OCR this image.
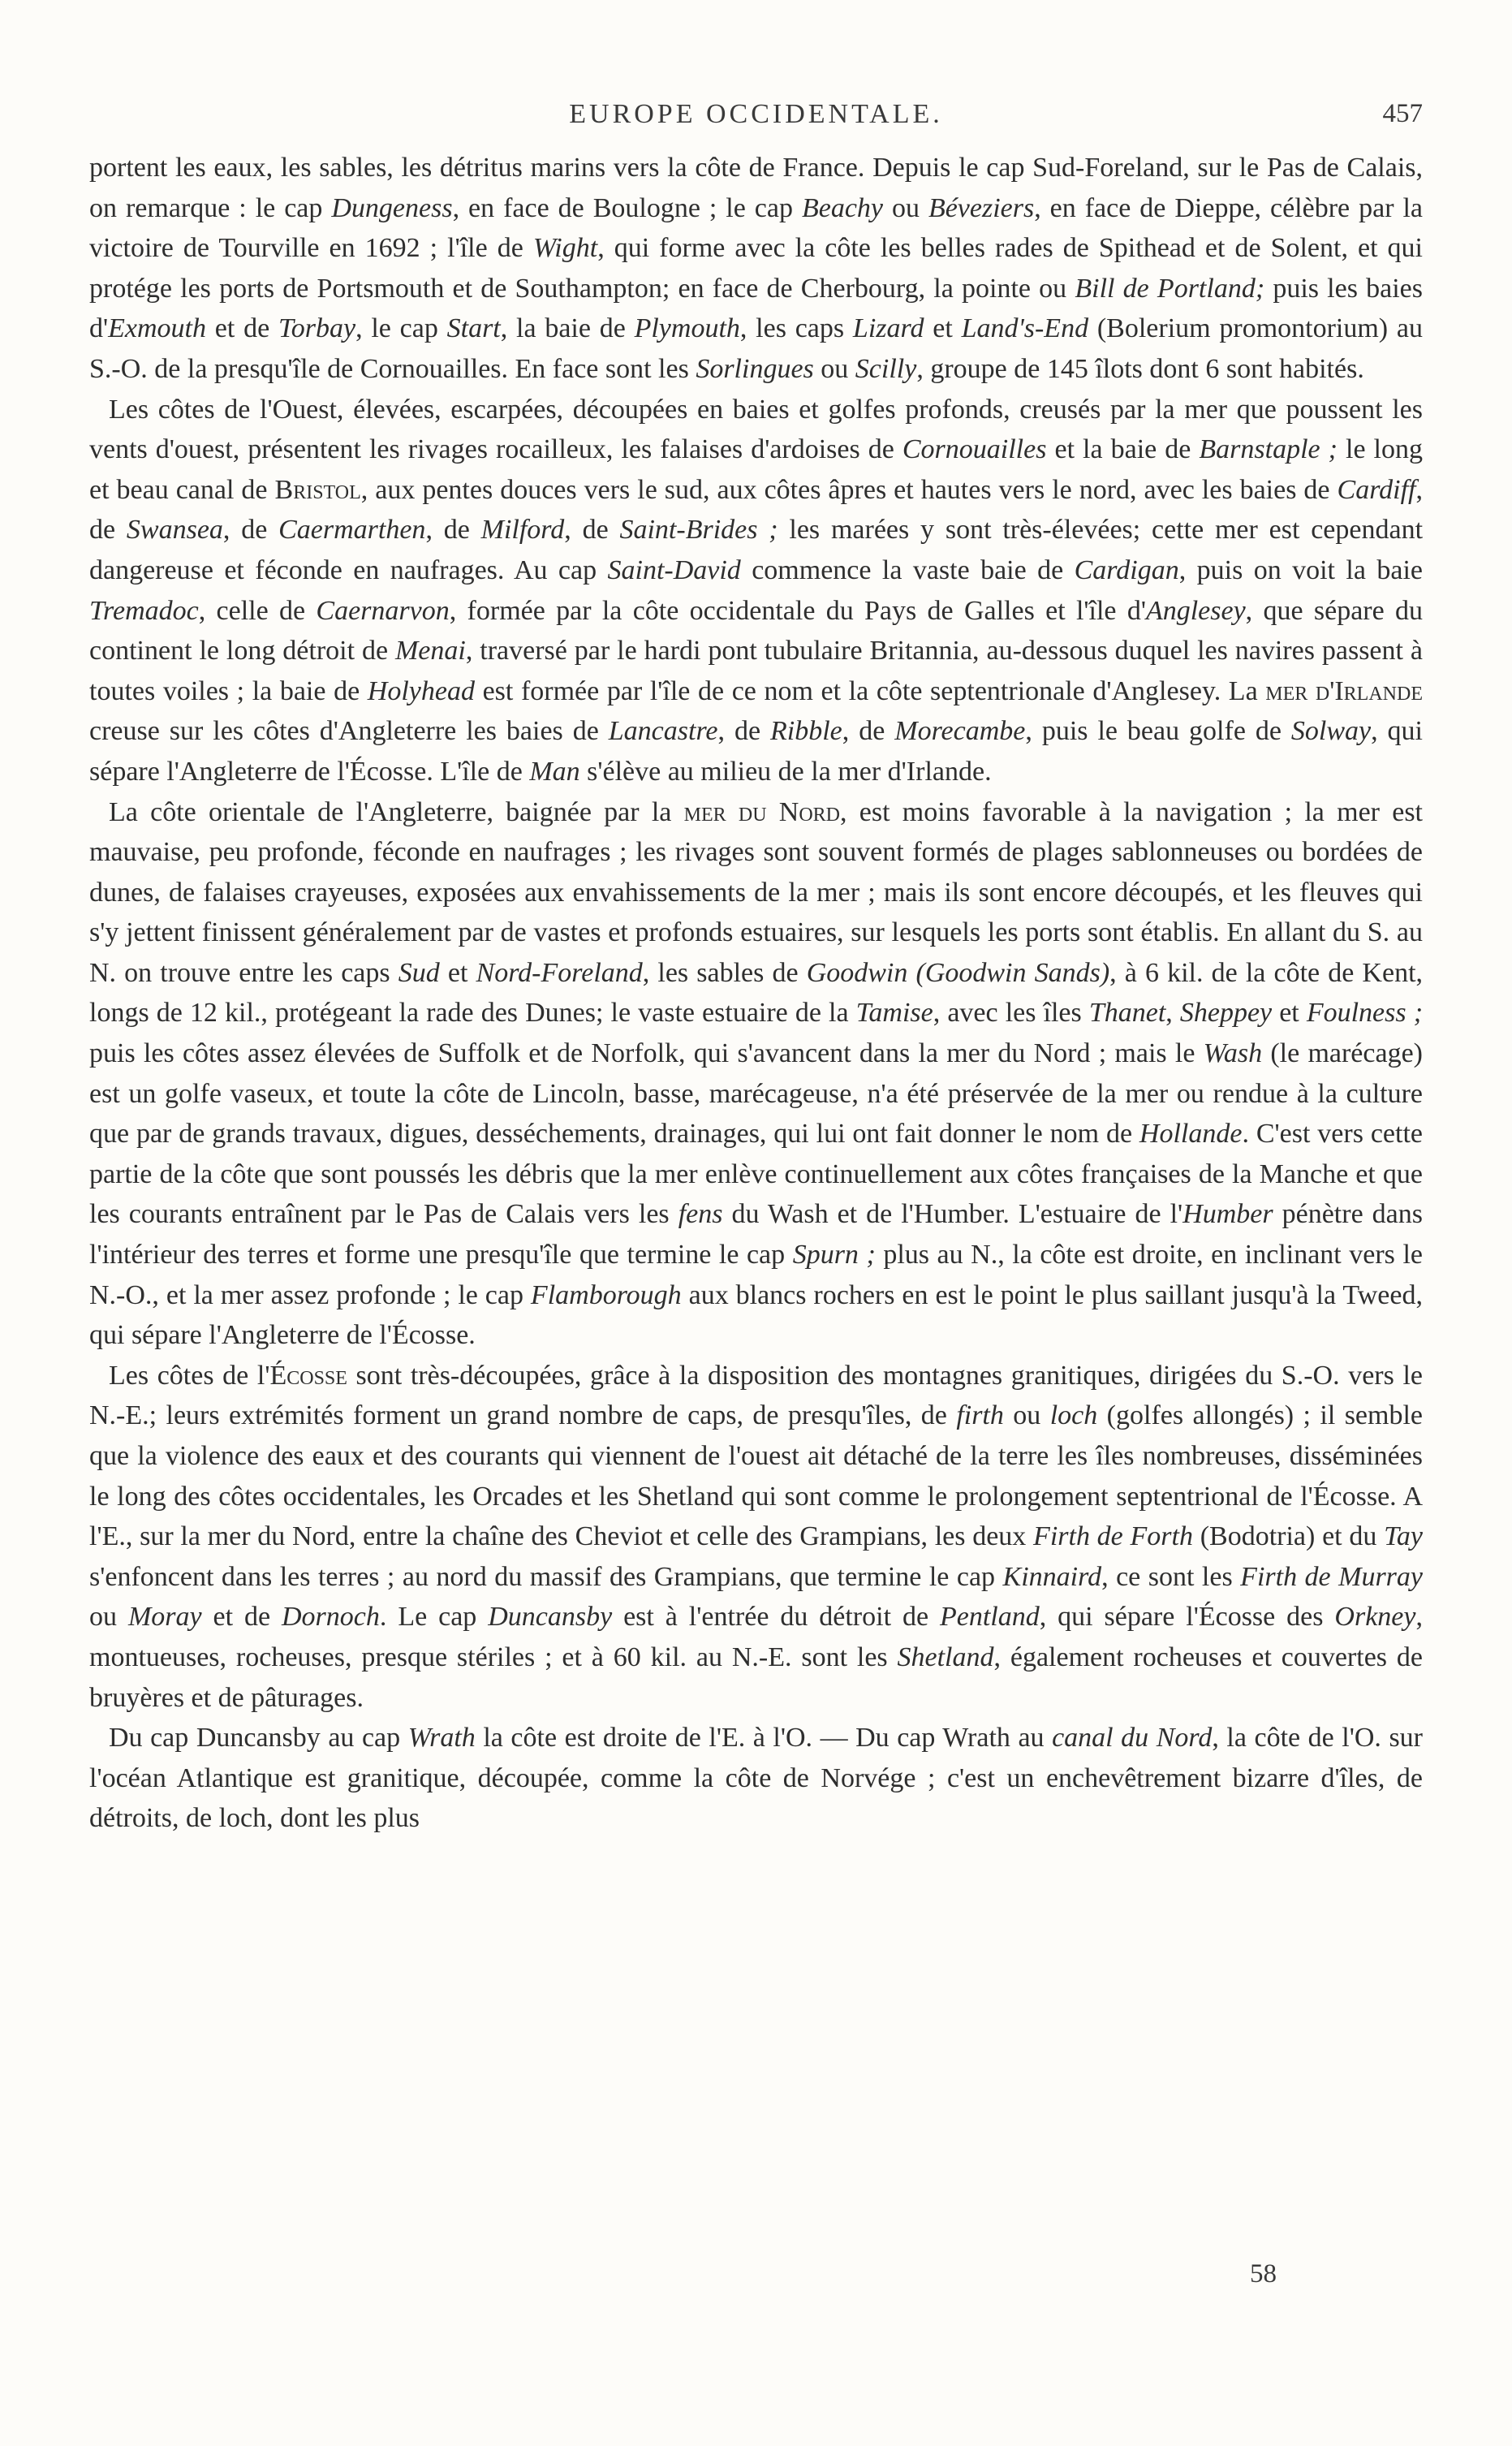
EUROPE OCCIDENTALE.	457

portent les eaux, les sables, les détritus marins vers la côte de France. Depuis le cap Sud-Foreland, sur le Pas de Calais, on remarque : le cap Dungeness, en face de Boulogne ; le cap Beachy ou Béveziers, en face de Dieppe, célèbre par la victoire de Tourville en 1692 ; l'île de Wight, qui forme avec la côte les belles rades de Spithead et de Solent, et qui protége les ports de Portsmouth et de Southampton; en face de Cherbourg, la pointe ou Bill de Portland; puis les baies d'Exmouth et de Torbay, le cap Start, la baie de Plymouth, les caps Lizard et Land's-End (Bolerium promontorium) au S.-O. de la presqu'île de Cornouailles. En face sont les Sorlingues ou Scilly, groupe de 145 îlots dont 6 sont habités.

Les côtes de l'Ouest, élevées, escarpées, découpées en baies et golfes profonds, creusés par la mer que poussent les vents d'ouest, présentent les rivages rocailleux, les falaises d'ardoises de Cornouailles et la baie de Barnstaple ; le long et beau canal de Bristol, aux pentes douces vers le sud, aux côtes âpres et hautes vers le nord, avec les baies de Cardiff, de Swansea, de Caermarthen, de Milford, de Saint-Brides ; les marées y sont très-élevées; cette mer est cependant dangereuse et féconde en naufrages. Au cap Saint-David commence la vaste baie de Cardigan, puis on voit la baie Tremadoc, celle de Caernarvon, formée par la côte occidentale du Pays de Galles et l'île d'Anglesey, que sépare du continent le long détroit de Menai, traversé par le hardi pont tubulaire Britannia, au-dessous duquel les navires passent à toutes voiles ; la baie de Holyhead est formée par l'île de ce nom et la côte septentrionale d'Anglesey. La mer d'Irlande creuse sur les côtes d'Angleterre les baies de Lancastre, de Ribble, de Morecambe, puis le beau golfe de Solway, qui sépare l'Angleterre de l'Écosse. L'île de Man s'élève au milieu de la mer d'Irlande.

La côte orientale de l'Angleterre, baignée par la mer du Nord, est moins favorable à la navigation ; la mer est mauvaise, peu profonde, féconde en naufrages ; les rivages sont souvent formés de plages sablonneuses ou bordées de dunes, de falaises crayeuses, exposées aux envahissements de la mer ; mais ils sont encore découpés, et les fleuves qui s'y jettent finissent généralement par de vastes et profonds estuaires, sur lesquels les ports sont établis. En allant du S. au N. on trouve entre les caps Sud et Nord-Foreland, les sables de Goodwin (Goodwin Sands), à 6 kil. de la côte de Kent, longs de 12 kil., protégeant la rade des Dunes; le vaste estuaire de la Tamise, avec les îles Thanet, Sheppey et Foulness ; puis les côtes assez élevées de Suffolk et de Norfolk, qui s'avancent dans la mer du Nord ; mais le Wash (le marécage) est un golfe vaseux, et toute la côte de Lincoln, basse, marécageuse, n'a été préservée de la mer ou rendue à la culture que par de grands travaux, digues, desséchements, drainages, qui lui ont fait donner le nom de Hollande. C'est vers cette partie de la côte que sont poussés les débris que la mer enlève continuellement aux côtes françaises de la Manche et que les courants entraînent par le Pas de Calais vers les fens du Wash et de l'Humber. L'estuaire de l'Humber pénètre dans l'intérieur des terres et forme une presqu'île que termine le cap Spurn ; plus au N., la côte est droite, en inclinant vers le N.-O., et la mer assez profonde ; le cap Flamborough aux blancs rochers en est le point le plus saillant jusqu'à la Tweed, qui sépare l'Angleterre de l'Écosse.

Les côtes de l'Écosse sont très-découpées, grâce à la disposition des montagnes granitiques, dirigées du S.-O. vers le N.-E.; leurs extrémités forment un grand nombre de caps, de presqu'îles, de firth ou loch (golfes allongés) ; il semble que la violence des eaux et des courants qui viennent de l'ouest ait détaché de la terre les îles nombreuses, disséminées le long des côtes occidentales, les Orcades et les Shetland qui sont comme le prolongement septentrional de l'Écosse. A l'E., sur la mer du Nord, entre la chaîne des Cheviot et celle des Grampians, les deux Firth de Forth (Bodotria) et du Tay s'enfoncent dans les terres ; au nord du massif des Grampians, que termine le cap Kinnaird, ce sont les Firth de Murray ou Moray et de Dornoch. Le cap Duncansby est à l'entrée du détroit de Pentland, qui sépare l'Écosse des Orkney, montueuses, rocheuses, presque stériles ; et à 60 kil. au N.-E. sont les Shetland, également rocheuses et couvertes de bruyères et de pâturages.

Du cap Duncansby au cap Wrath la côte est droite de l'E. à l'O. — Du cap Wrath au canal du Nord, la côte de l'O. sur l'océan Atlantique est granitique, découpée, comme la côte de Norvége ; c'est un enchevêtrement bizarre d'îles, de détroits, de loch, dont les plus

58
